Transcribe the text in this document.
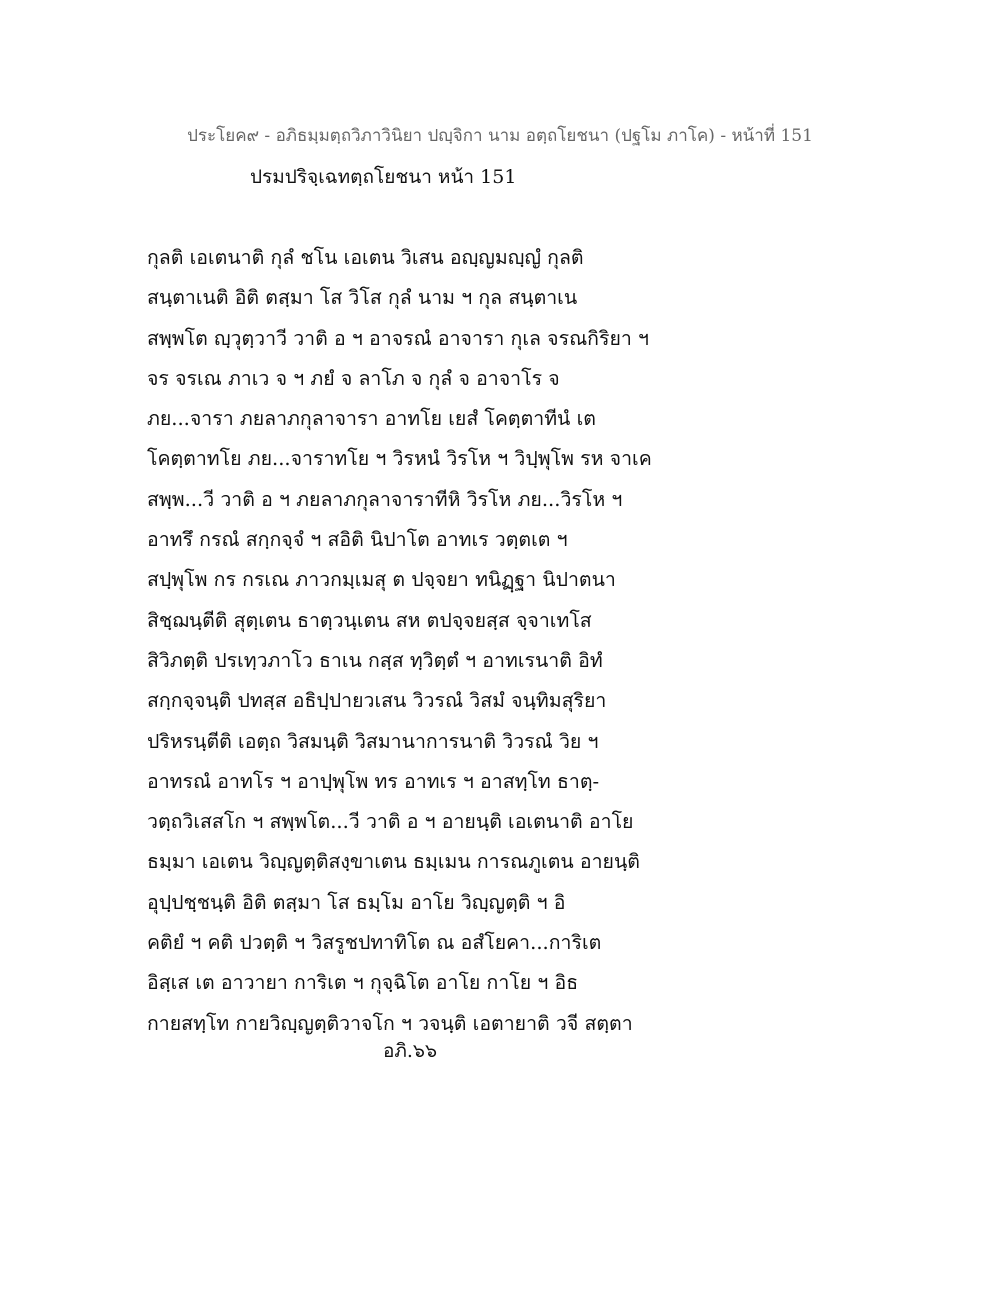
ประโยค๙ - อภิธมฺมตฺถวิภาวินิยา ปญฺจิกา นาม อตฺถโยชนา (ปฐโม ภาโค) - หน้าที่ 151
ปรมปริจฺเฉทตฺถโยชนา หน้า 151
กุลติ เอเตนาติ กุลํ ชโน เอเตน วิเสน อญฺญมญฺญํ กุลติ
สนฺตาเนติ อิติ ตสฺมา โส วิโส กุลํ นาม ฯ กุล สนฺตาเน
สพฺพโต ญฺวุตฺวาวี วาติ อ ฯ อาจรณํ อาจารา กุเล จรณกิริยา ฯ
จร จรเณ ภาเว จ ฯ ภยํ จ ลาโภ จ กุลํ จ อาจาโร จ
ภย...จารา ภยลาภกุลาจารา อาทโย เยสํ โคตฺตาทีนํ เต
โคตฺตาทโย ภย...จาราทโย ฯ วิรหนํ วิรโห ฯ วิปฺพุโพ รห จาเค
สพฺพ...วี วาติ อ ฯ ภยลาภกุลาจาราทีหิ วิรโห ภย...วิรโห ฯ
อาทรึ กรณํ สกฺกจฺจํ ฯ สอิติ นิปาโต อาทเร วตฺตเต ฯ
สปฺพุโพ กร กรเณ ภาวกมฺเมสุ ต ปจฺจยา ทนิฏฺฐา นิปาตนา
สิชฺฌนฺตีติ สุตฺเตน ธาตฺวนฺเตน สห ตปจฺจยสฺส จฺจาเทโส
สิวิภตฺติ ปรเทฺวภาโว ธาเน กสฺส ทฺวิตฺตํ ฯ อาทเรนาติ อิทํ
สกฺกจฺจนฺติ ปทสฺส อธิปฺปายวเสน วิวรณํ วิสมํ จนฺทิมสุริยา
ปริหรนฺตีติ เอตฺถ วิสมนฺติ วิสมานาการนาติ วิวรณํ วิย ฯ
อาทรณํ อาทโร ฯ อาปฺพุโพ ทร อาทเร ฯ อาสทฺโท ธาตฺ-
วตฺถวิเสสโก ฯ สพฺพโต...วี วาติ อ ฯ อายนฺติ เอเตนาติ อาโย
ธมฺมา เอเตน วิญฺญตฺติสงฺขาเตน ธมฺเมน การณภูเตน อายนฺติ
อุปฺปชฺชนฺติ อิติ ตสฺมา โส ธมฺโม อาโย วิญฺญตฺติ ฯ อิ
คติยํ ฯ คติ ปวตฺติ ฯ วิสรูชปทาทิโต ณ อสํโยคา...การิเต
อิสฺเส เต อาวายา การิเต ฯ กุจฺฉิโต อาโย กาโย ฯ อิธ
กายสทฺโท กายวิญฺญตฺติวาจโก ฯ วจนฺติ เอตายาติ วจี สตฺตา
อภิ.๖๖
